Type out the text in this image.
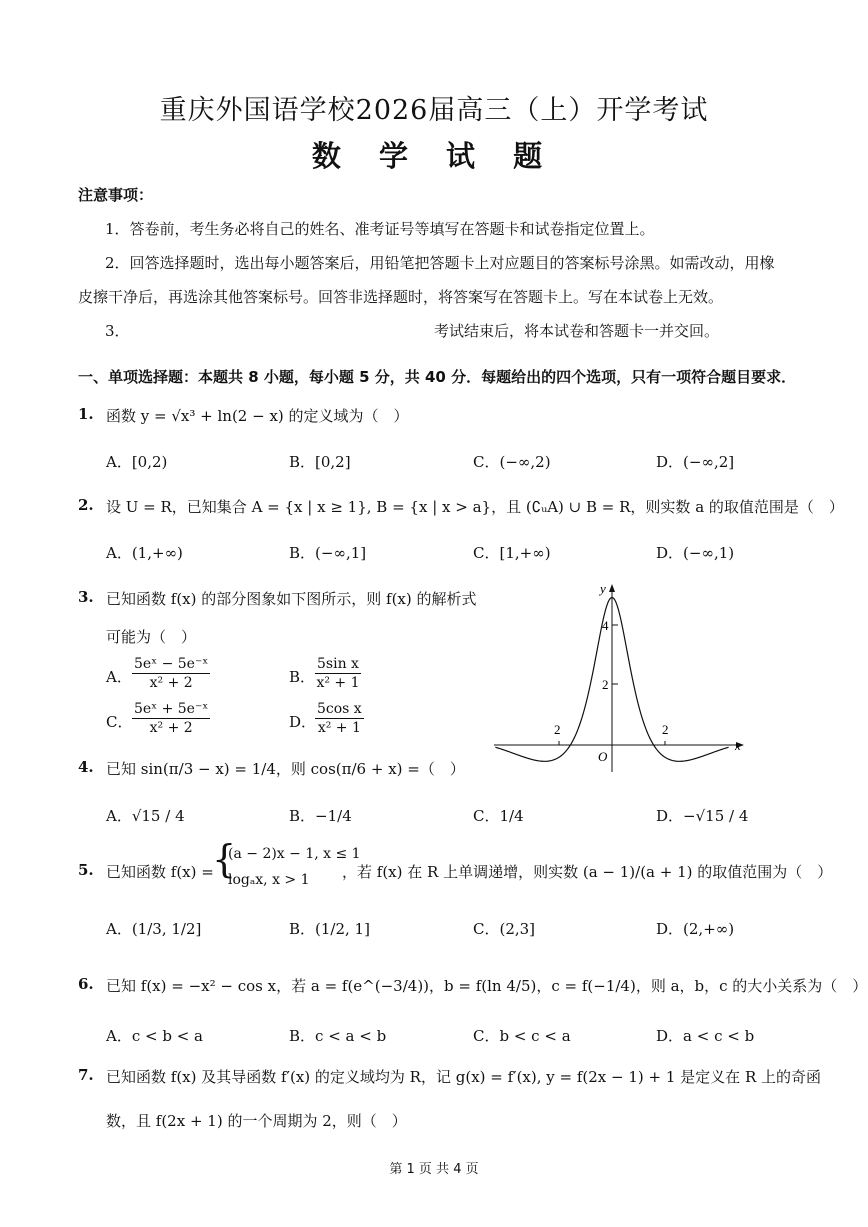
重庆外国语学校2026届高三（上）开学考试
数 学 试 题
注意事项：
1．答卷前，考生务必将自己的姓名、准考证号等填写在答题卡和试卷指定位置上。
2．回答选择题时，选出每小题答案后，用铅笔把答题卡上对应题目的答案标号涂黑。如需改动，用橡
皮擦干净后，再选涂其他答案标号。回答非选择题时，将答案写在答题卡上。写在本试卷上无效。
3．	考试结束后，将本试卷和答题卡一并交回。
一、单项选择题：本题共 8 小题，每小题 5 分，共 40 分．每题给出的四个选项，只有一项符合题目要求．
1. 函数 y = √x³ + ln(2 − x) 的定义域为（　）
A．[0,2)	B．[0,2]	C．(−∞,2)	D．(−∞,2]
2. 设 U = R，已知集合 A = {x | x ≥ 1}, B = {x | x > a}，且 (∁ᵤA) ∪ B = R，则实数 a 的取值范围是（　）
A．(1,+∞)	B．(−∞,1]	C．[1,+∞)	D．(−∞,1)
3. 已知函数 f(x) 的部分图象如下图所示，则 f(x) 的解析式
可能为（　）
A． $\frac{\text{5eˣ − 5e⁻ˣ}}{\text{x² + 2}}$	B． $\frac{\text{5sin x}}{\text{x² + 1}}$
C． $\frac{\text{5eˣ + 5e⁻ˣ}}{\text{x² + 2}}$	D．
$\frac{\text{5cos x}}{\text{x² + 1}}$
y
x
O
4
2
2	2
4. 已知 sin(π/3 − x) = 1/4，则 cos(π/6 + x) =（　）
A．√15 / 4	B．−1/4	C．1/4	D．−√15 / 4
5. 已知函数 f(x) =
{
(a − 2)x − 1, x ≤ 1
logₐx, x > 1 ，若 f(x) 在 R 上单调递增，则实数 (a − 1)/(a + 1) 的取值范围为（　）
A．(1/3, 1/2]	B．(1/2, 1]	C．(2,3]	D．(2,+∞)
6. 已知 f(x) = −x² − cos x，若 a = f(e^(−3/4))，b = f(ln 4/5)，c = f(−1/4)，则 a，b，c 的大小关系为（　）
A．c < b < a	B．c < a < b	C．b < c < a	D．a < c < b
7. 已知函数 f(x) 及其导函数 f′(x) 的定义域均为 R，记 g(x) = f′(x), y = f(2x − 1) + 1 是定义在 R 上的奇函
数，且 f(2x + 1) 的一个周期为 2，则（　）
第 1 页 共 4 页
